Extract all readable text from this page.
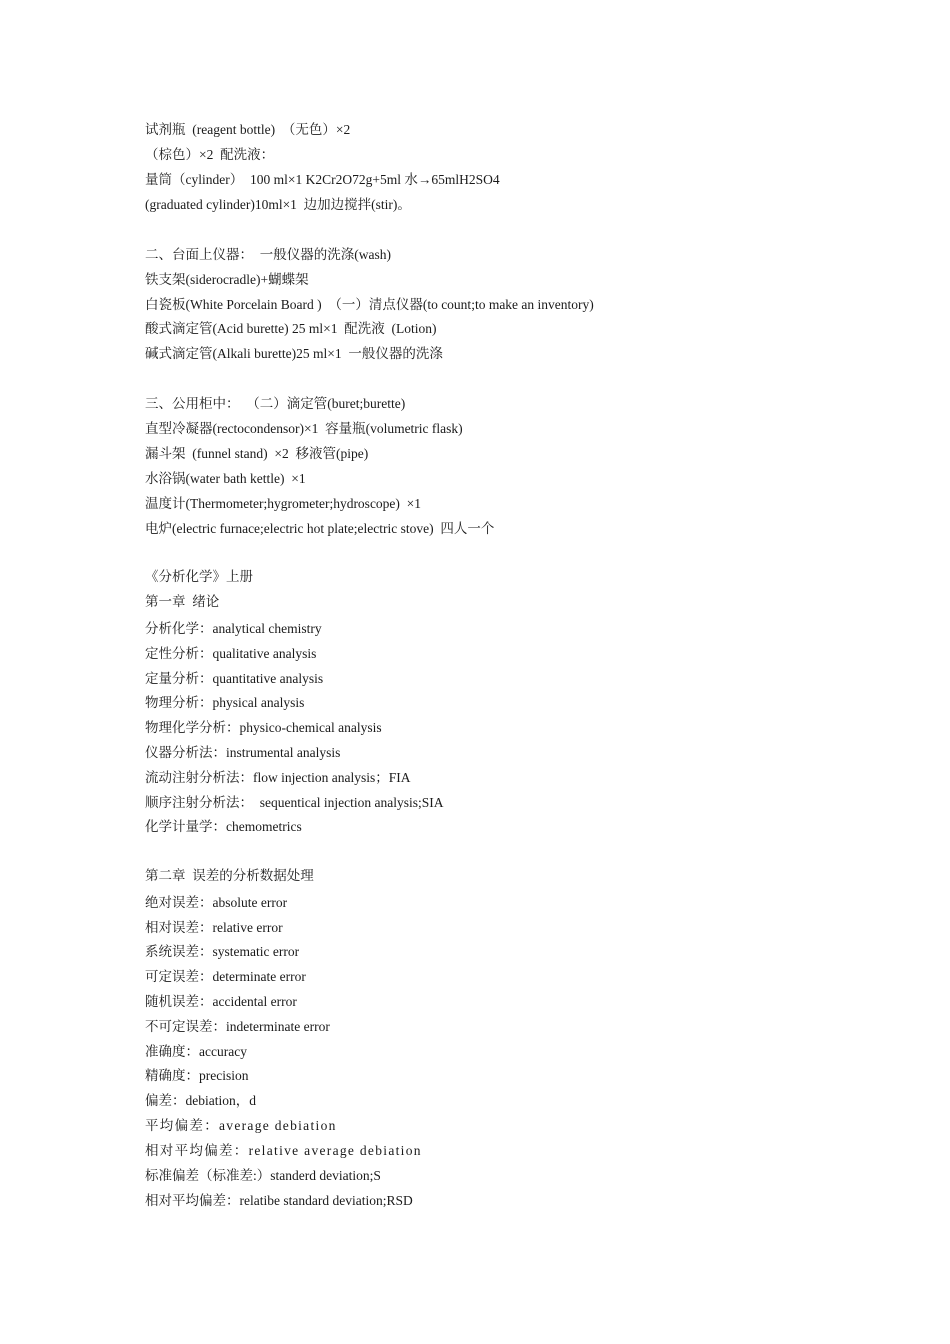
试剂瓶  (reagent bottle)  （无色）×2
（棕色）×2  配洗液：
量筒（cylinder）  100 ml×1 K2Cr2O72g+5ml 水→65mlH2SO4
(graduated cylinder)10ml×1  边加边搅拌(stir)。
二、台面上仪器：  一般仪器的洗涤(wash)
铁支架(siderocradle)+蝴蝶架
白瓷板(White Porcelain Board )  （一）清点仪器(to count;to make an inventory)
酸式滴定管(Acid burette) 25 ml×1  配洗液  (Lotion)
碱式滴定管(Alkali burette)25 ml×1  一般仪器的洗涤
三、公用柜中：  （二）滴定管(buret;burette)
直型冷凝器(rectocondensor)×1  容量瓶(volumetric flask)
漏斗架  (funnel stand)  ×2  移液管(pipe)
水浴锅(water bath kettle)  ×1
温度计(Thermometer;hygrometer;hydroscope)  ×1
电炉(electric furnace;electric hot plate;electric stove)  四人一个
《分析化学》上册
第一章  绪论
分析化学：analytical chemistry
定性分析：qualitative analysis
定量分析：quantitative analysis
物理分析：physical analysis
物理化学分析：physico-chemical analysis
仪器分析法：instrumental analysis
流动注射分析法：flow injection analysis；FIA
顺序注射分析法：  sequentical injection analysis;SIA
化学计量学：chemometrics
第二章  误差的分析数据处理
绝对误差：absolute error
相对误差：relative error
系统误差：systematic error
可定误差：determinate error
随机误差：accidental error
不可定误差：indeterminate error
准确度：accuracy
精确度：precision
偏差：debiation，d
平均偏差：average debiation
相对平均偏差：relative average debiation
标准偏差（标准差:）standerd deviation;S
相对平均偏差：relatibe standard deviation;RSD
